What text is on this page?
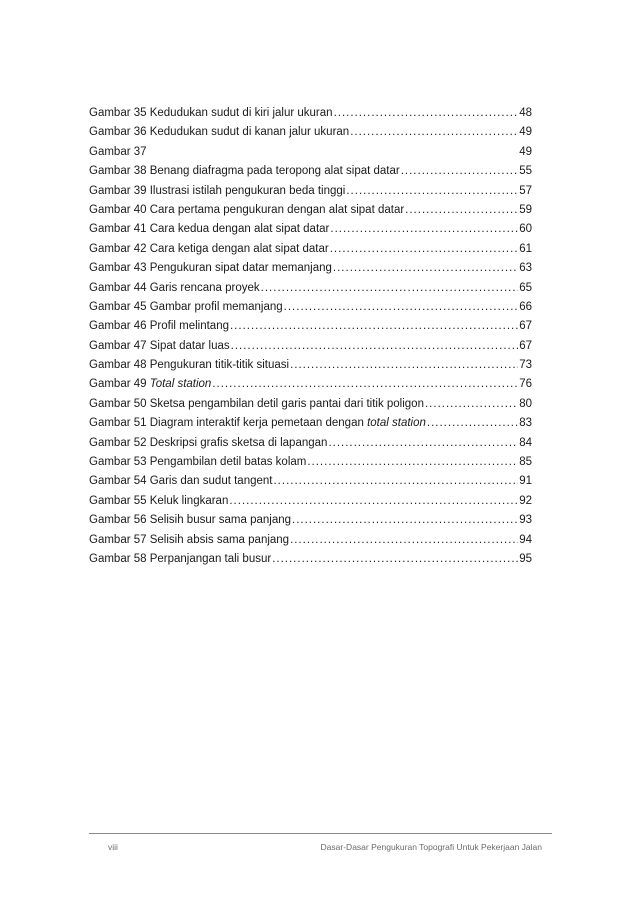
Gambar 35 Kedudukan sudut di kiri jalur ukuran .....	48
Gambar 36 Kedudukan sudut di kanan jalur ukuran .....	49
Gambar 37	49
Gambar 38 Benang diafragma pada teropong alat sipat datar .....	55
Gambar 39 Ilustrasi istilah pengukuran beda tinggi .....	57
Gambar 40 Cara pertama pengukuran dengan alat sipat datar .....	59
Gambar 41 Cara kedua dengan alat sipat datar .....	60
Gambar 42 Cara ketiga dengan alat sipat datar .....	61
Gambar 43 Pengukuran sipat datar memanjang .....	63
Gambar 44 Garis rencana proyek .....	65
Gambar 45 Gambar profil memanjang .....	66
Gambar 46 Profil melintang .....	67
Gambar 47 Sipat datar luas .....	67
Gambar 48 Pengukuran titik-titik situasi .....	73
Gambar 49 Total station .....	76
Gambar 50 Sketsa pengambilan detil garis pantai dari titik poligon .....	80
Gambar 51 Diagram interaktif kerja pemetaan dengan total station .....	83
Gambar 52 Deskripsi grafis sketsa di lapangan .....	84
Gambar 53 Pengambilan detil batas kolam .....	85
Gambar 54 Garis dan sudut tangent .....	91
Gambar 55 Keluk lingkaran .....	92
Gambar 56 Selisih busur sama panjang .....	93
Gambar 57 Selisih absis sama panjang .....	94
Gambar 58 Perpanjangan tali busur .....	95
viii	Dasar-Dasar Pengukuran Topografi Untuk Pekerjaan Jalan
